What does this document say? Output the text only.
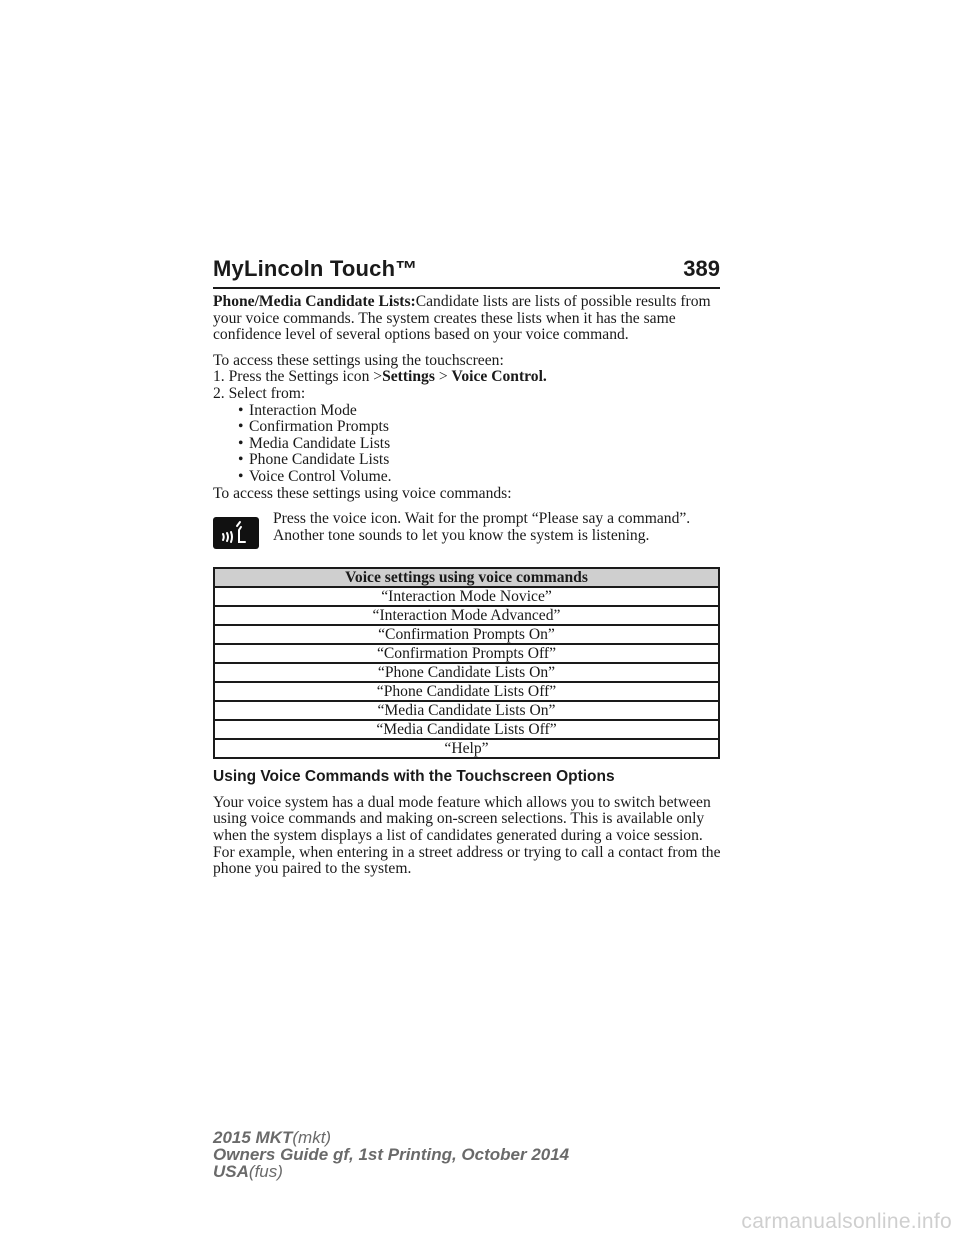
MyLincoln Touch™	389

Phone/Media Candidate Lists:Candidate lists are lists of possible results from your voice commands. The system creates these lists when it has the same confidence level of several options based on your voice command.

To access these settings using the touchscreen:

1. Press the Settings icon >Settings > Voice Control.

2. Select from:

• Interaction Mode
• Confirmation Prompts
• Media Candidate Lists
• Phone Candidate Lists
• Voice Control Volume.

To access these settings using voice commands:

Press the voice icon. Wait for the prompt “Please say a command”. Another tone sounds to let you know the system is listening.

Voice settings using voice commands
“Interaction Mode Novice”
“Interaction Mode Advanced”
“Confirmation Prompts On”
“Confirmation Prompts Off”
“Phone Candidate Lists On”
“Phone Candidate Lists Off”
“Media Candidate Lists On”
“Media Candidate Lists Off”
“Help”

Using Voice Commands with the Touchscreen Options

Your voice system has a dual mode feature which allows you to switch between using voice commands and making on-screen selections. This is available only when the system displays a list of candidates generated during a voice session. For example, when entering in a street address or trying to call a contact from the phone you paired to the system.

2015 MKT(mkt)
Owners Guide gf, 1st Printing, October 2014
USA(fus)
carmanualsonline.info
